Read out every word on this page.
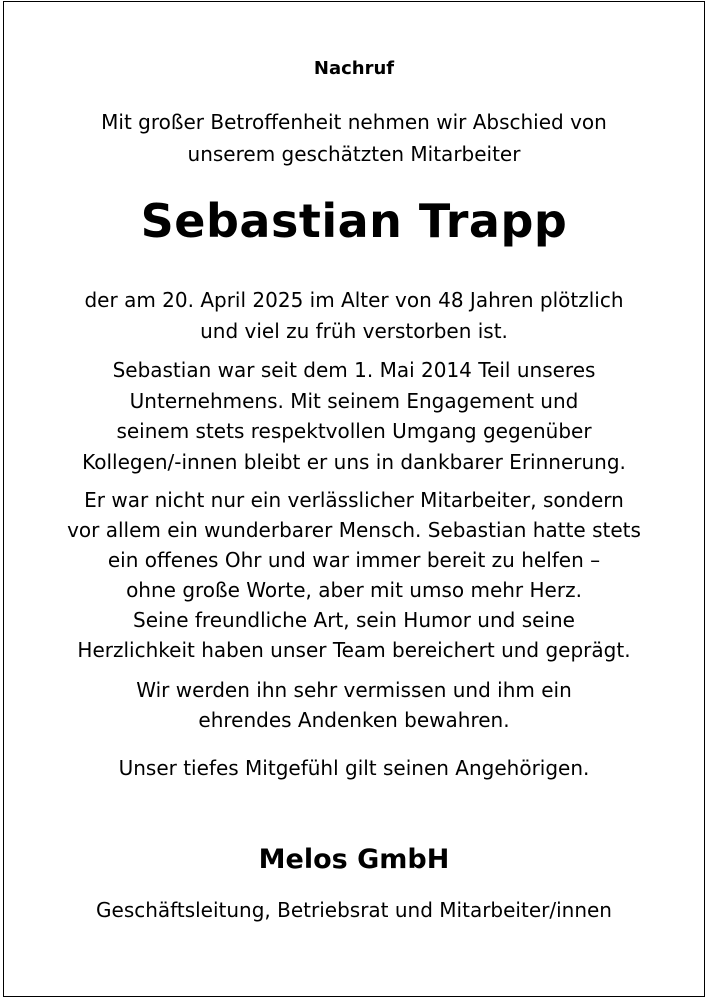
Nachruf
Mit großer Betroffenheit nehmen wir Abschied von
unserem geschätzten Mitarbeiter
Sebastian Trapp
der am 20. April 2025 im Alter von 48 Jahren plötzlich
und viel zu früh verstorben ist.
Sebastian war seit dem 1. Mai 2014 Teil unseres
Unternehmens. Mit seinem Engagement und
seinem stets respektvollen Umgang gegenüber
Kollegen/-innen bleibt er uns in dankbarer Erinnerung.
Er war nicht nur ein verlässlicher Mitarbeiter, sondern
vor allem ein wunderbarer Mensch. Sebastian hatte stets
ein offenes Ohr und war immer bereit zu helfen –
ohne große Worte, aber mit umso mehr Herz.
Seine freundliche Art, sein Humor und seine
Herzlichkeit haben unser Team bereichert und geprägt.
Wir werden ihn sehr vermissen und ihm ein
ehrendes Andenken bewahren.
Unser tiefes Mitgefühl gilt seinen Angehörigen.
Melos GmbH
Geschäftsleitung, Betriebsrat und Mitarbeiter/innen
